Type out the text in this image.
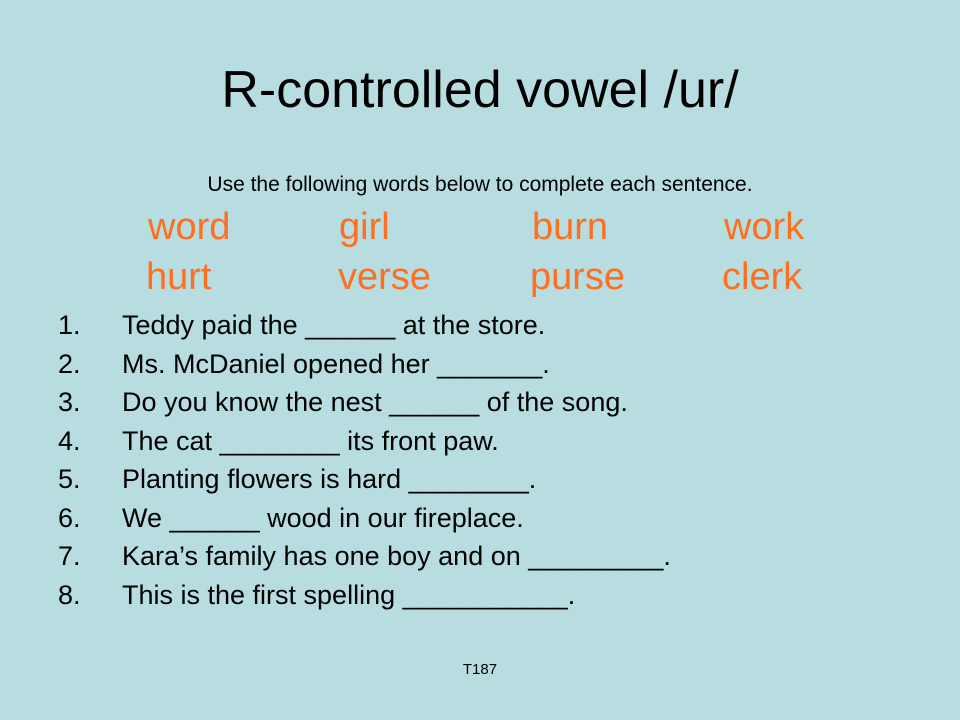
R-controlled vowel /ur/
Use the following words below to complete each sentence.
word	girl	burn	work
hurt	verse	purse	clerk
1. Teddy paid the ______ at the store.
2. Ms. McDaniel opened her _______.
3. Do you know the nest ______ of the song.
4. The cat ________ its front paw.
5. Planting flowers is hard ________.
6. We ______ wood in our fireplace.
7. Kara’s family has one boy and on _________.
8. This is the first spelling ___________.
T187
